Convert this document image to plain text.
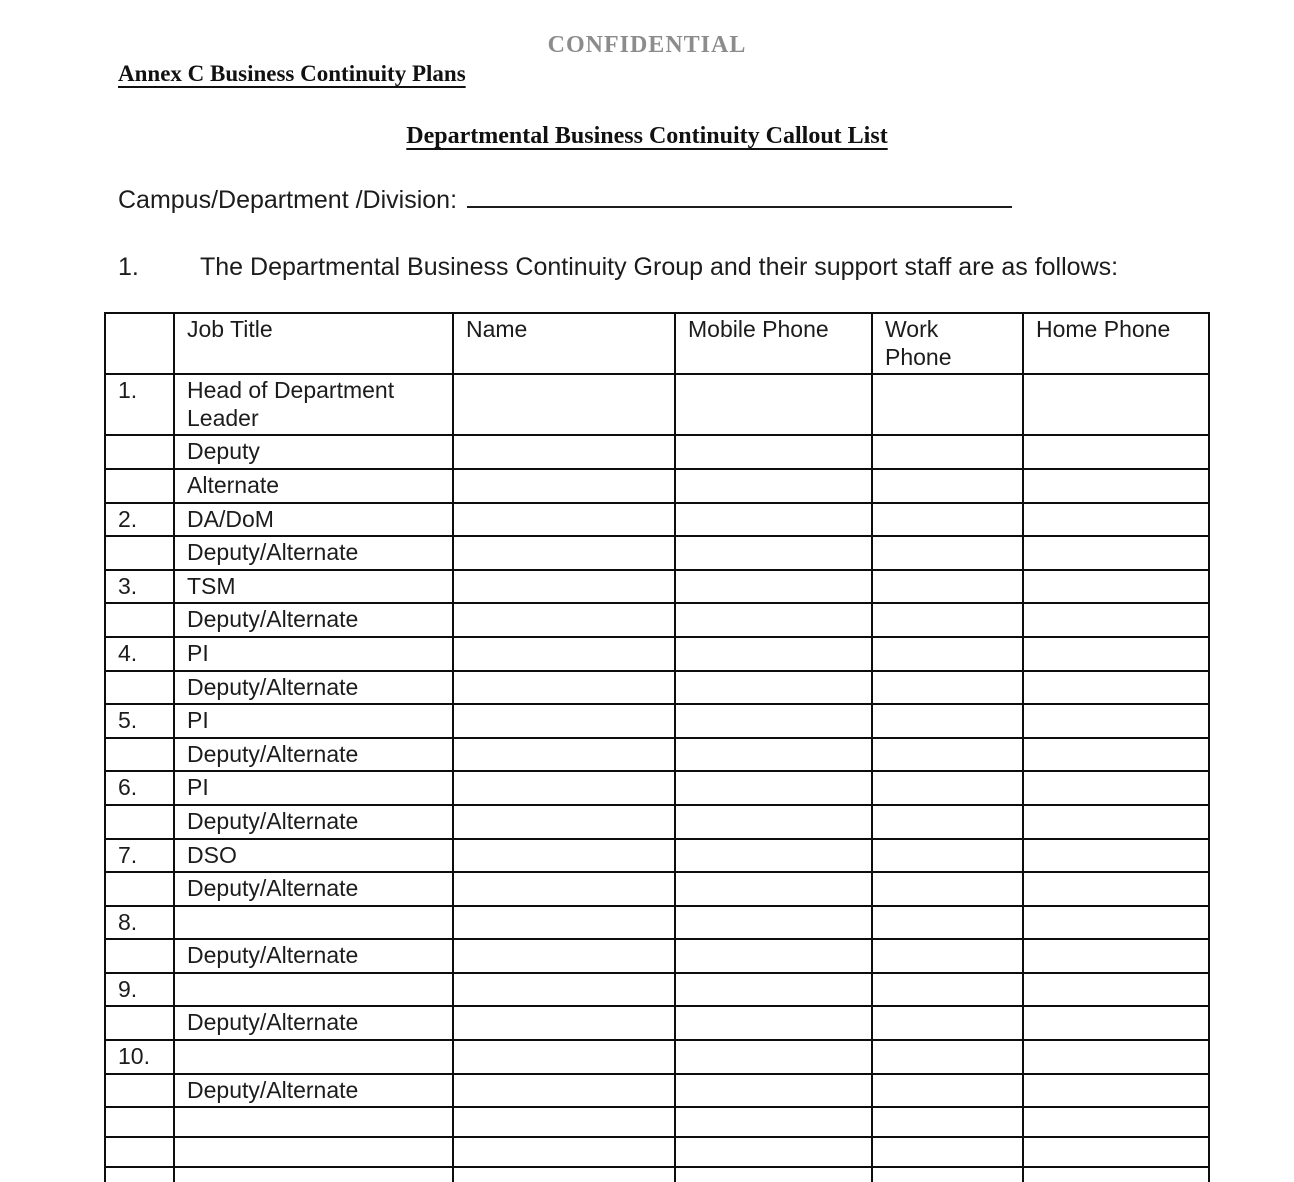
CONFIDENTIAL
Annex C Business Continuity Plans
Departmental Business Continuity Callout List
Campus/Department /Division:
1.	The Departmental Business Continuity Group and their support staff are as follows:
	Job Title	Name	Mobile Phone	Work Phone	Home Phone
1.	Head of Department Leader				
	Deputy				
	Alternate				
2.	DA/DoM				
	Deputy/Alternate				
3.	TSM				
	Deputy/Alternate				
4.	PI				
	Deputy/Alternate				
5.	PI				
	Deputy/Alternate				
6.	PI				
	Deputy/Alternate				
7.	DSO				
	Deputy/Alternate				
8.					
	Deputy/Alternate				
9.					
	Deputy/Alternate				
10.					
	Deputy/Alternate				
